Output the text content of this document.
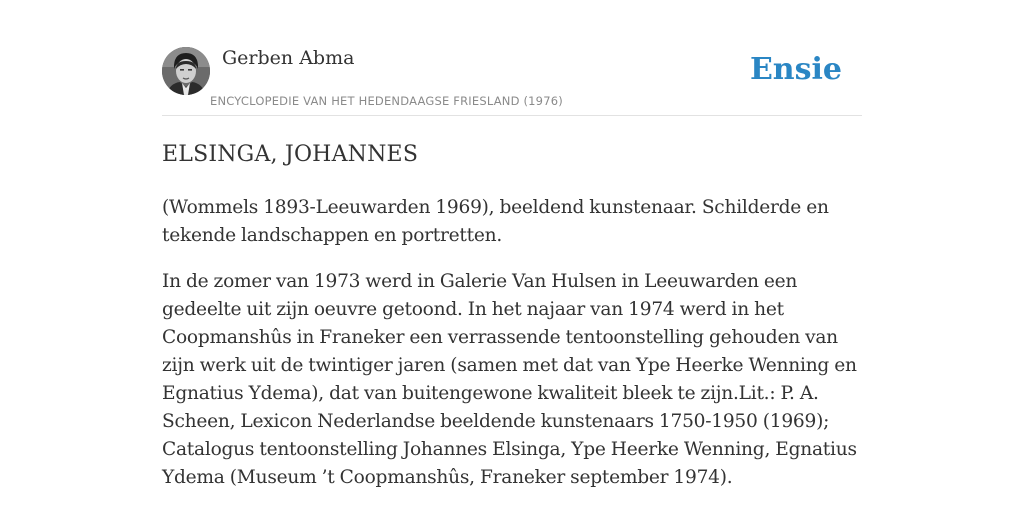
Gerben Abma
ENCYCLOPEDIE VAN HET HEDENDAAGSE FRIESLAND (1976)
Ensie
ELSINGA, JOHANNES

(Wommels 1893-Leeuwarden 1969), beeldend kunstenaar. Schilderde en tekende landschappen en portretten.

In de zomer van 1973 werd in Galerie Van Hulsen in Leeuwarden een gedeelte uit zijn oeuvre getoond. In het najaar van 1974 werd in het Coopmanshûs in Franeker een verrassende tentoonstelling gehouden van zijn werk uit de twintiger jaren (samen met dat van Ype Heerke Wenning en Egnatius Ydema), dat van buitengewone kwaliteit bleek te zijn.Lit.: P. A. Scheen, Lexicon Nederlandse beeldende kunstenaars 1750-1950 (1969); Catalogus tentoonstelling Johannes Elsinga, Ype Heerke Wenning, Egnatius Ydema (Museum ’t Coopmanshûs, Franeker september 1974).
